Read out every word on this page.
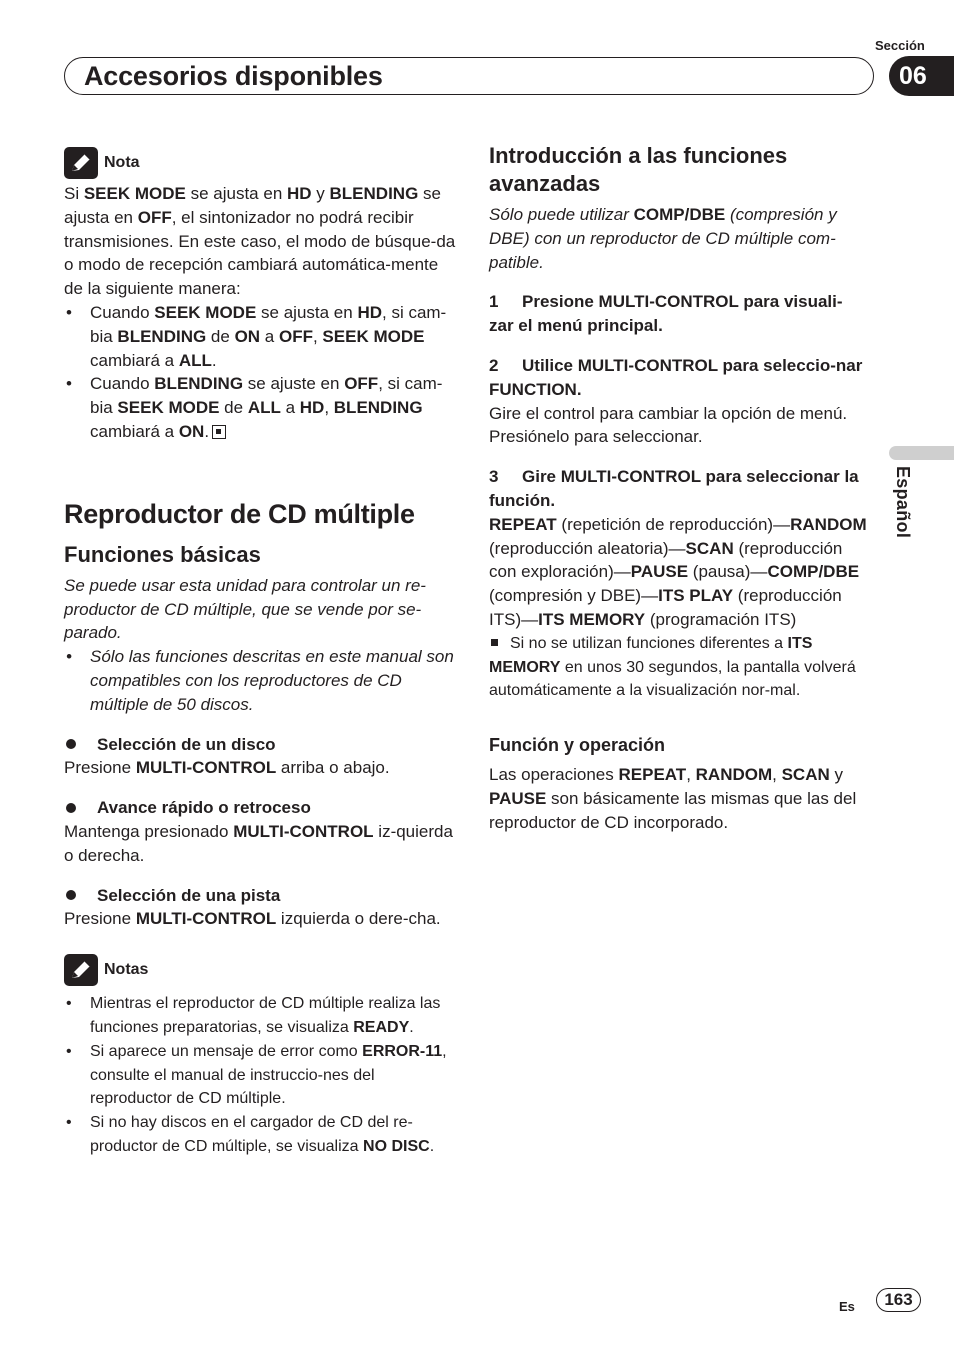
Sección
Accesorios disponibles	06
Español
Nota

Si SEEK MODE se ajusta en HD y BLENDING se ajusta en OFF, el sintonizador no podrá recibir transmisiones. En este caso, el modo de búsque-da o modo de recepción cambiará automática-mente de la siguiente manera:

• Cuando SEEK MODE se ajusta en HD, si cam-bia BLENDING de ON a OFF, SEEK MODE cambiará a ALL.
• Cuando BLENDING se ajuste en OFF, si cam-bia SEEK MODE de ALL a HD, BLENDING cambiará a ON.
Reproductor de CD múltiple
Funciones básicas

Se puede usar esta unidad para controlar un re-productor de CD múltiple, que se vende por se-parado.

• Sólo las funciones descritas en este manual son compatibles con los reproductores de CD múltiple de 50 discos.
Selección de un disco

Presione MULTI-CONTROL arriba o abajo.

Avance rápido o retroceso

Mantenga presionado MULTI-CONTROL iz-quierda o derecha.

Selección de una pista

Presione MULTI-CONTROL izquierda o dere-cha.

Notas
• Mientras el reproductor de CD múltiple realiza las funciones preparatorias, se visualiza READY.
• Si aparece un mensaje de error como ERROR-11, consulte el manual de instruccio-nes del reproductor de CD múltiple.
• Si no hay discos en el cargador de CD del re-productor de CD múltiple, se visualiza NO DISC.
Introducción a las funciones avanzadas

Sólo puede utilizar COMP/DBE (compresión y DBE) con un reproductor de CD múltiple com-patible.

1 Presione MULTI-CONTROL para visuali-zar el menú principal.

2 Utilice MULTI-CONTROL para seleccio-nar FUNCTION.

Gire el control para cambiar la opción de menú. Presiónelo para seleccionar.

3 Gire MULTI-CONTROL para seleccionar la función.

REPEAT (repetición de reproducción)—RANDOM (reproducción aleatoria)—SCAN (reproducción con exploración)—PAUSE (pausa)—COMP/DBE (compresión y DBE)—ITS PLAY (reproducción ITS)—ITS MEMORY (programación ITS)

Si no se utilizan funciones diferentes a ITS MEMORY en unos 30 segundos, la pantalla volverá automáticamente a la visualización nor-mal.

Función y operación

Las operaciones REPEAT, RANDOM, SCAN y PAUSE son básicamente las mismas que las del reproductor de CD incorporado.

Es	163
